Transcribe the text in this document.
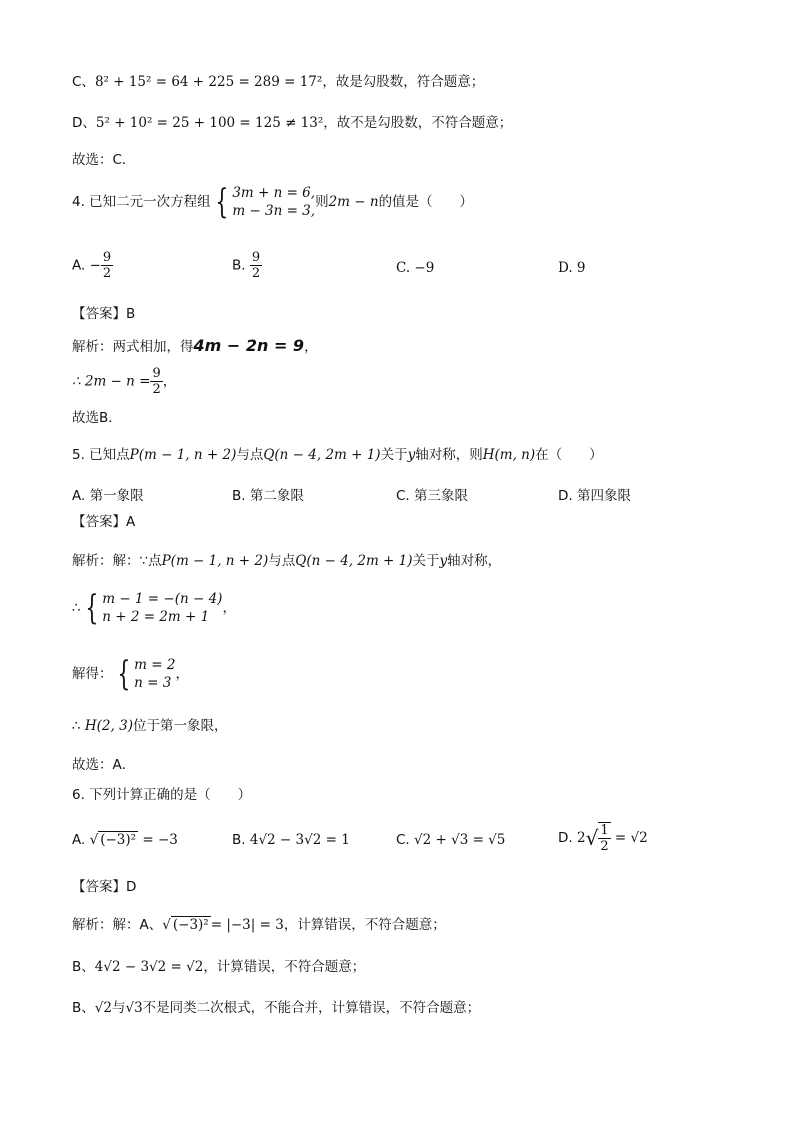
C、8² + 15² = 64 + 225 = 289 = 17²，故是勾股数，符合题意；
D、5² + 10² = 25 + 100 = 125 ≠ 13²，故不是勾股数，不符合题意；
故选：C．
4. 已知二元一次方程组 { 3m + n = 6,
m − 3n = 3,
则2m − n的值是（　　）
A. − $\frac{9}{2}$	B. $\frac{9}{2}$	C. −9	D. 9
【答案】B
解析：两式相加，得4m − 2n = 9，
∴ $2m - n = \frac{9}{2}$ ，
故选B．
5. 已知点P(m − 1, n + 2)与点Q(n − 4, 2m + 1)关于y轴对称，则H(m, n)在（　　）
A. 第一象限	B. 第二象限	C. 第三象限	D. 第四象限
【答案】A
解析：解：∵点P(m − 1, n + 2)与点Q(n − 4, 2m + 1)关于y轴对称，
∴ { m − 1 = −(n − 4)
n + 2 = 2m + 1
，
解得： { m = 2
n = 3
，
∴ H(2, 3)位于第一象限，
故选：A．
6. 下列计算正确的是（　　）
A. √ (−3)² = −3	B. 4√2 − 3√2 = 1	C. √2 + √3 = √5	D. $2√ \frac{1}{2} = √2$
【答案】D
解析：解：A、√ (−3)² = |−3| = 3，计算错误，不符合题意；
B、4√2 − 3√2 = √2，计算错误，不符合题意；
B、√2与√3不是同类二次根式，不能合并，计算错误，不符合题意；
